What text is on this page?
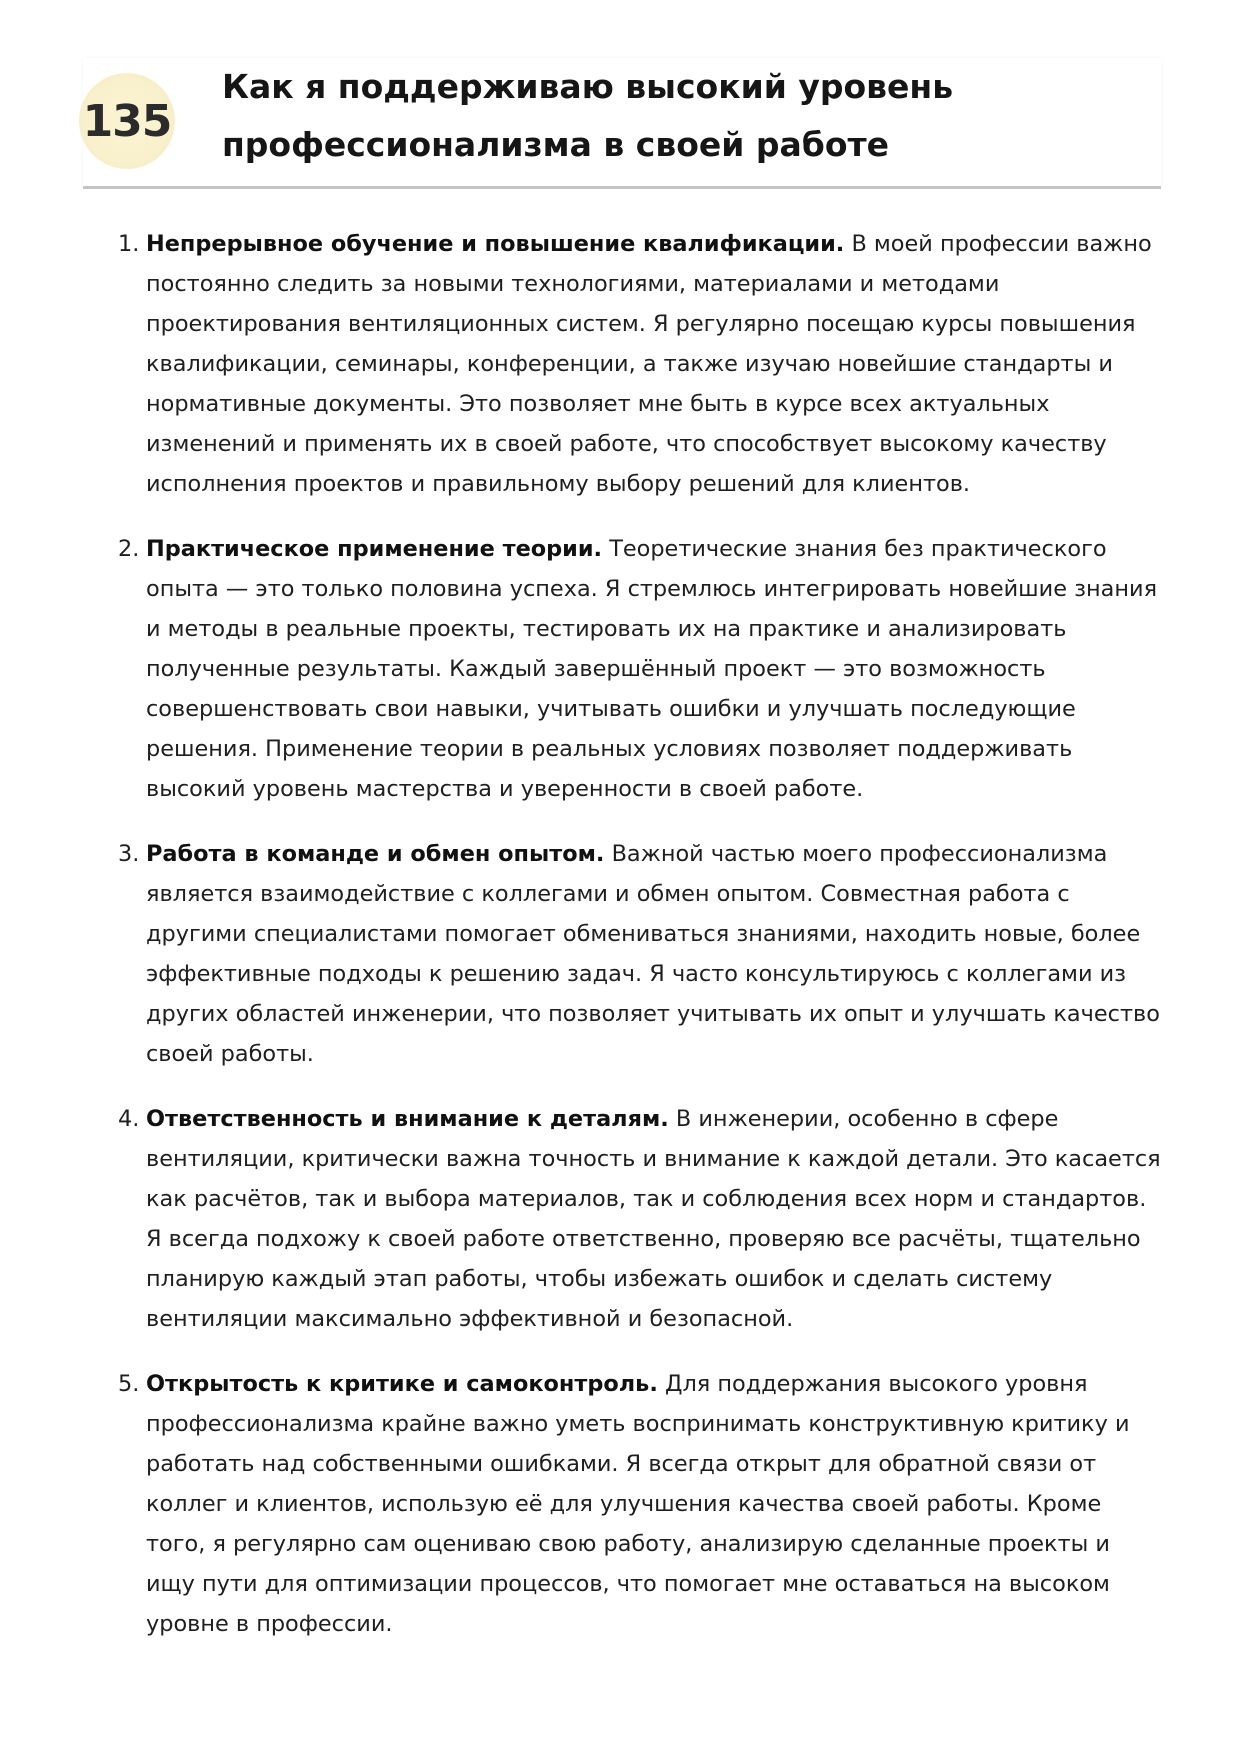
135
Как я поддерживаю высокий уровень профессионализма в своей работе
1. Непрерывное обучение и повышение квалификации. В моей профессии важно постоянно следить за новыми технологиями, материалами и методами проектирования вентиляционных систем. Я регулярно посещаю курсы повышения квалификации, семинары, конференции, а также изучаю новейшие стандарты и нормативные документы. Это позволяет мне быть в курсе всех актуальных изменений и применять их в своей работе, что способствует высокому качеству исполнения проектов и правильному выбору решений для клиентов.
2. Практическое применение теории. Теоретические знания без практического опыта — это только половина успеха. Я стремлюсь интегрировать новейшие знания и методы в реальные проекты, тестировать их на практике и анализировать полученные результаты. Каждый завершённый проект — это возможность совершенствовать свои навыки, учитывать ошибки и улучшать последующие решения. Применение теории в реальных условиях позволяет поддерживать высокий уровень мастерства и уверенности в своей работе.
3. Работа в команде и обмен опытом. Важной частью моего профессионализма является взаимодействие с коллегами и обмен опытом. Совместная работа с другими специалистами помогает обмениваться знаниями, находить новые, более эффективные подходы к решению задач. Я часто консультируюсь с коллегами из других областей инженерии, что позволяет учитывать их опыт и улучшать качество своей работы.
4. Ответственность и внимание к деталям. В инженерии, особенно в сфере вентиляции, критически важна точность и внимание к каждой детали. Это касается как расчётов, так и выбора материалов, так и соблюдения всех норм и стандартов. Я всегда подхожу к своей работе ответственно, проверяю все расчёты, тщательно планирую каждый этап работы, чтобы избежать ошибок и сделать систему вентиляции максимально эффективной и безопасной.
5. Открытость к критике и самоконтроль. Для поддержания высокого уровня профессионализма крайне важно уметь воспринимать конструктивную критику и работать над собственными ошибками. Я всегда открыт для обратной связи от коллег и клиентов, использую её для улучшения качества своей работы. Кроме того, я регулярно сам оцениваю свою работу, анализирую сделанные проекты и ищу пути для оптимизации процессов, что помогает мне оставаться на высоком уровне в профессии.
